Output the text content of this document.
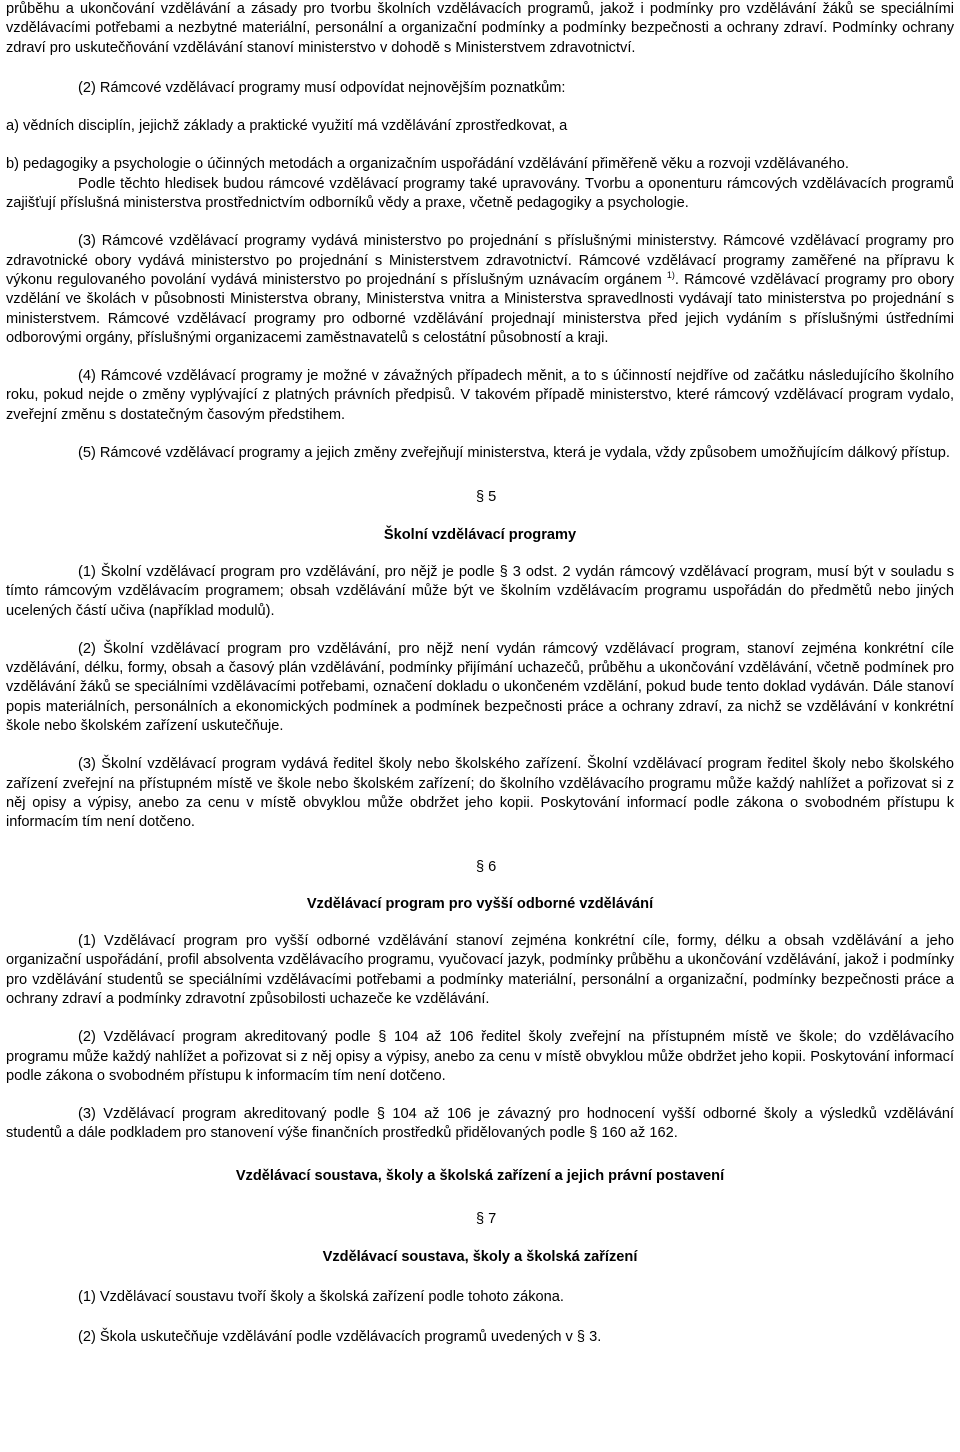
průběhu a ukončování vzdělávání a zásady pro tvorbu školních vzdělávacích programů, jakož i podmínky pro vzdělávání žáků se speciálními vzdělávacími potřebami a nezbytné materiální, personální a organizační podmínky a podmínky bezpečnosti a ochrany zdraví. Podmínky ochrany zdraví pro uskutečňování vzdělávání stanoví ministerstvo v dohodě s Ministerstvem zdravotnictví.

(2) Rámcové vzdělávací programy musí odpovídat nejnovějším poznatkům:

a) vědních disciplín, jejichž základy a praktické využití má vzdělávání zprostředkovat, a

b) pedagogiky a psychologie o účinných metodách a organizačním uspořádání vzdělávání přiměřeně věku a rozvoji vzdělávaného.

Podle těchto hledisek budou rámcové vzdělávací programy také upravovány. Tvorbu a oponenturu rámcových vzdělávacích programů zajišťují příslušná ministerstva prostřednictvím odborníků vědy a praxe, včetně pedagogiky a psychologie.

(3) Rámcové vzdělávací programy vydává ministerstvo po projednání s příslušnými ministerstvy. Rámcové vzdělávací programy pro zdravotnické obory vydává ministerstvo po projednání s Ministerstvem zdravotnictví. Rámcové vzdělávací programy zaměřené na přípravu k výkonu regulovaného povolání vydává ministerstvo po projednání s příslušným uznávacím orgánem $^{1)}$. Rámcové vzdělávací programy pro obory vzdělání ve školách v působnosti Ministerstva obrany, Ministerstva vnitra a Ministerstva spravedlnosti vydávají tato ministerstva po projednání s ministerstvem. Rámcové vzdělávací programy pro odborné vzdělávání projednají ministerstva před jejich vydáním s příslušnými ústředními odborovými orgány, příslušnými organizacemi zaměstnavatelů s celostátní působností a kraji.

(4) Rámcové vzdělávací programy je možné v závažných případech měnit, a to s účinností nejdříve od začátku následujícího školního roku, pokud nejde o změny vyplývající z platných právních předpisů. V takovém případě ministerstvo, které rámcový vzdělávací program vydalo, zveřejní změnu s dostatečným časovým předstihem.

(5) Rámcové vzdělávací programy a jejich změny zveřejňují ministerstva, která je vydala, vždy způsobem umožňujícím dálkový přístup.

§ 5

Školní vzdělávací programy

(1) Školní vzdělávací program pro vzdělávání, pro nějž je podle § 3 odst. 2 vydán rámcový vzdělávací program, musí být v souladu s tímto rámcovým vzdělávacím programem; obsah vzdělávání může být ve školním vzdělávacím programu uspořádán do předmětů nebo jiných ucelených částí učiva (například modulů).

(2) Školní vzdělávací program pro vzdělávání, pro nějž není vydán rámcový vzdělávací program, stanoví zejména konkrétní cíle vzdělávání, délku, formy, obsah a časový plán vzdělávání, podmínky přijímání uchazečů, průběhu a ukončování vzdělávání, včetně podmínek pro vzdělávání žáků se speciálními vzdělávacími potřebami, označení dokladu o ukončeném vzdělání, pokud bude tento doklad vydáván. Dále stanoví popis materiálních, personálních a ekonomických podmínek a podmínek bezpečnosti práce a ochrany zdraví, za nichž se vzdělávání v konkrétní škole nebo školském zařízení uskutečňuje.

(3) Školní vzdělávací program vydává ředitel školy nebo školského zařízení. Školní vzdělávací program ředitel školy nebo školského zařízení zveřejní na přístupném místě ve škole nebo školském zařízení; do školního vzdělávacího programu může každý nahlížet a pořizovat si z něj opisy a výpisy, anebo za cenu v místě obvyklou může obdržet jeho kopii. Poskytování informací podle zákona o svobodném přístupu k informacím tím není dotčeno.

§ 6

Vzdělávací program pro vyšší odborné vzdělávání

(1) Vzdělávací program pro vyšší odborné vzdělávání stanoví zejména konkrétní cíle, formy, délku a obsah vzdělávání a jeho organizační uspořádání, profil absolventa vzdělávacího programu, vyučovací jazyk, podmínky průběhu a ukončování vzdělávání, jakož i podmínky pro vzdělávání studentů se speciálními vzdělávacími potřebami a podmínky materiální, personální a organizační, podmínky bezpečnosti práce a ochrany zdraví a podmínky zdravotní způsobilosti uchazeče ke vzdělávání.

(2) Vzdělávací program akreditovaný podle § 104 až 106 ředitel školy zveřejní na přístupném místě ve škole; do vzdělávacího programu může každý nahlížet a pořizovat si z něj opisy a výpisy, anebo za cenu v místě obvyklou může obdržet jeho kopii. Poskytování informací podle zákona o svobodném přístupu k informacím tím není dotčeno.

(3) Vzdělávací program akreditovaný podle § 104 až 106 je závazný pro hodnocení vyšší odborné školy a výsledků vzdělávání studentů a dále podkladem pro stanovení výše finančních prostředků přidělovaných podle § 160 až 162.

Vzdělávací soustava, školy a školská zařízení a jejich právní postavení

§ 7

Vzdělávací soustava, školy a školská zařízení

(1) Vzdělávací soustavu tvoří školy a školská zařízení podle tohoto zákona.

(2) Škola uskutečňuje vzdělávání podle vzdělávacích programů uvedených v § 3.
